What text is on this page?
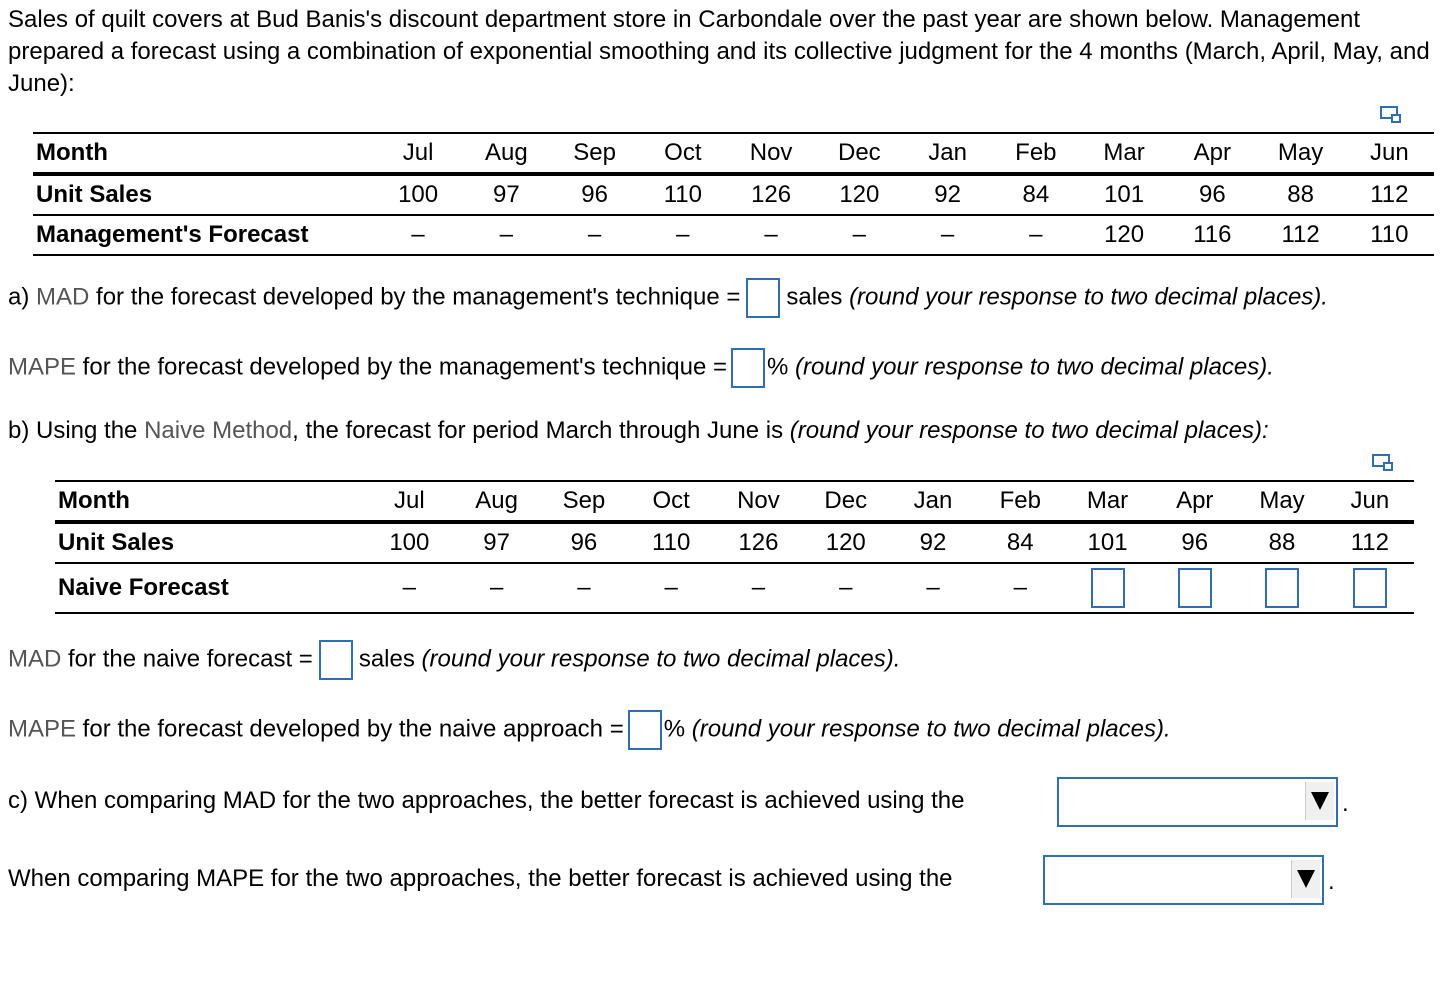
Sales of quilt covers at Bud Banis's discount department store in Carbondale over the past year are shown below. Management prepared a forecast using a combination of exponential smoothing and its collective judgment for the 4 months (March, April, May, and June):
Month	Jul	Aug	Sep	Oct	Nov	Dec	Jan	Feb	Mar	Apr	May	Jun
Unit Sales	100	97	96	110	126	120	92	84	101	96	88	112
Management's Forecast	–	–	–	–	–	–	–	–	120	116	112	110
a) MAD for the forecast developed by the management's technique = sales (round your response to two decimal places).
MAPE for the forecast developed by the management's technique = % (round your response to two decimal places).
b) Using the Naive Method, the forecast for period March through June is (round your response to two decimal places):
Month	Jul	Aug	Sep	Oct	Nov	Dec	Jan	Feb	Mar	Apr	May	Jun
Unit Sales	100	97	96	110	126	120	92	84	101	96	88	112
Naive Forecast	–	–	–	–	–	–	–	–				
MAD for the naive forecast = sales (round your response to two decimal places).
MAPE for the forecast developed by the naive approach = % (round your response to two decimal places).
c) When comparing MAD for the two approaches, the better forecast is achieved using the	.
When comparing MAPE for the two approaches, the better forecast is achieved using the	.
